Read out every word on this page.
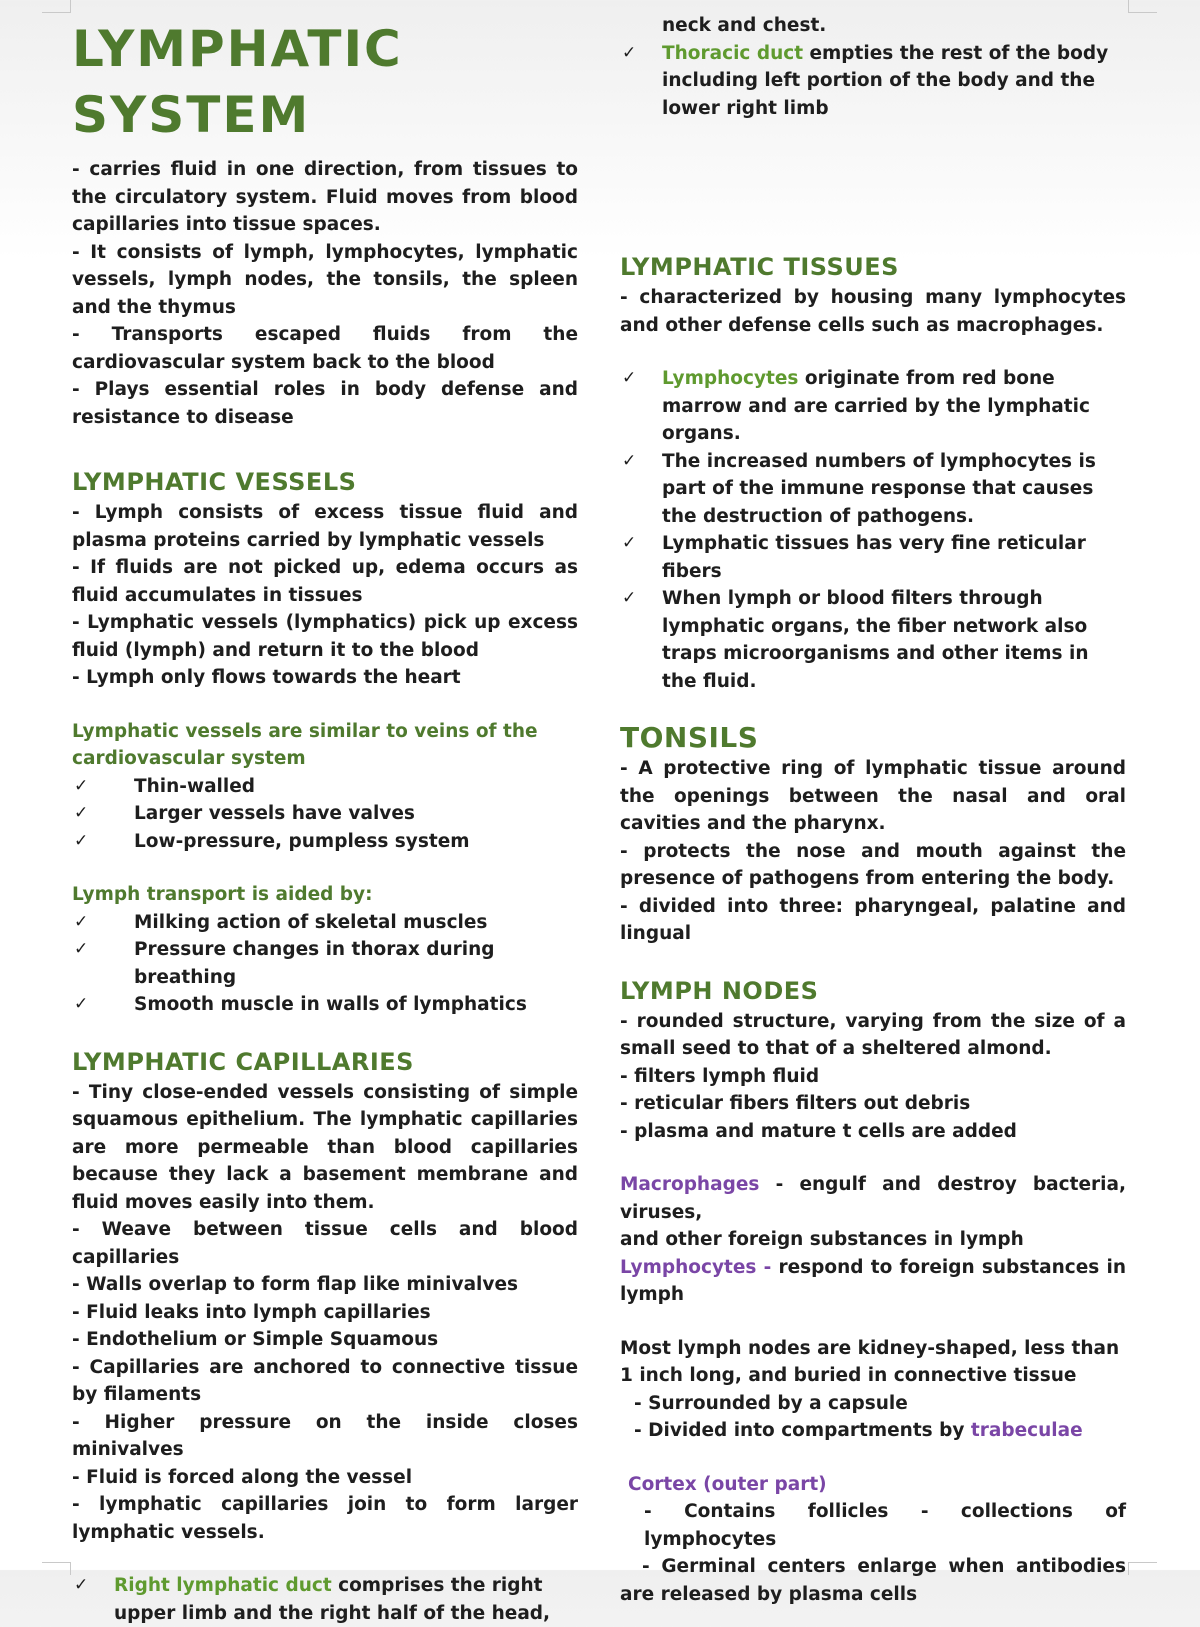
LYMPHATIC
SYSTEM

- carries fluid in one direction, from tissues to the circulatory system. Fluid moves from blood capillaries into tissue spaces.

- It consists of lymph, lymphocytes, lymphatic vessels, lymph nodes, the tonsils, the spleen and the thymus

- Transports escaped fluids from the cardiovascular system back to the blood

- Plays essential roles in body defense and resistance to disease

LYMPHATIC VESSELS

- Lymph consists of excess tissue fluid and plasma proteins carried by lymphatic vessels

- If fluids are not picked up, edema occurs as fluid accumulates in tissues

- Lymphatic vessels (lymphatics) pick up excess fluid (lymph) and return it to the blood

- Lymph only flows towards the heart

Lymphatic vessels are similar to veins of the cardiovascular system

✓ Thin-walled
✓ Larger vessels have valves
✓ Low-pressure, pumpless system

Lymph transport is aided by:

✓ Milking action of skeletal muscles
✓ Pressure changes in thorax during breathing
✓ Smooth muscle in walls of lymphatics
LYMPHATIC CAPILLARIES

- Tiny close-ended vessels consisting of simple squamous epithelium. The lymphatic capillaries are more permeable than blood capillaries because they lack a basement membrane and fluid moves easily into them.

- Weave between tissue cells and blood capillaries

- Walls overlap to form flap like minivalves

- Fluid leaks into lymph capillaries

- Endothelium or Simple Squamous

- Capillaries are anchored to connective tissue by filaments

- Higher pressure on the inside closes minivalves

- Fluid is forced along the vessel

- lymphatic capillaries join to form larger lymphatic vessels.

✓ Right lymphatic duct comprises the right upper limb and the right half of the head,
neck and chest.
✓ Thoracic duct empties the rest of the body including left portion of the body and the lower right limb
LYMPHATIC TISSUES

- characterized by housing many lymphocytes and other defense cells such as macrophages.

✓ Lymphocytes originate from red bone marrow and are carried by the lymphatic organs.
✓ The increased numbers of lymphocytes is part of the immune response that causes the destruction of pathogens.
✓ Lymphatic tissues has very fine reticular fibers
✓ When lymph or blood filters through lymphatic organs, the fiber network also traps microorganisms and other items in the fluid.
TONSILS

- A protective ring of lymphatic tissue around the openings between the nasal and oral cavities and the pharynx.

- protects the nose and mouth against the presence of pathogens from entering the body.

- divided into three: pharyngeal, palatine and lingual

LYMPH NODES

- rounded structure, varying from the size of a small seed to that of a sheltered almond.

- filters lymph fluid

- reticular fibers filters out debris

- plasma and mature t cells are added

Macrophages - engulf and destroy bacteria, viruses,

and other foreign substances in lymph

Lymphocytes - respond to foreign substances in lymph

Most lymph nodes are kidney-shaped, less than 1 inch long, and buried in connective tissue

- Surrounded by a capsule

- Divided into compartments by trabeculae

Cortex (outer part)

- Contains follicles - collections of lymphocytes

- Germinal centers enlarge when antibodies are released by plasma cells
